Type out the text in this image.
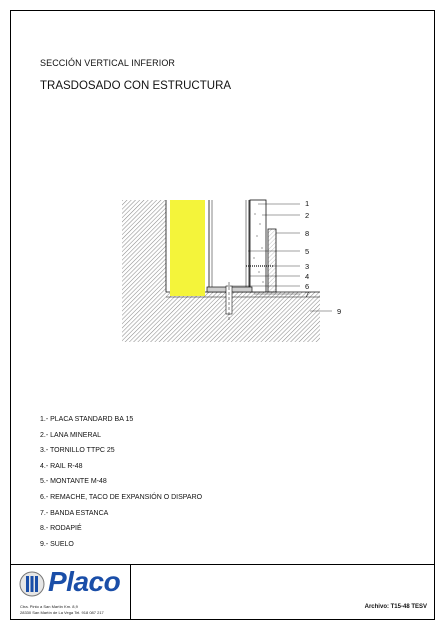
SECCIÓN VERTICAL INFERIOR
TRASDOSADO CON ESTRUCTURA
1
2
8
5
3
4
6
7
9
1.- PLACA STANDARD BA 15
2.- LANA MINERAL
3.- TORNILLO TTPC 25
4.- RAIL R-48
5.- MONTANTE M-48
6.- REMACHE, TACO DE EXPANSIÓN O DISPARO
7.- BANDA ESTANCA
8.- RODAPIÉ
9.- SUELO
Placo
Ctra. Pinto a San Martín Km. 8,9
28330 San Martín de La Vega Tel. 918 087 217
Archivo: T15-48 TESV
